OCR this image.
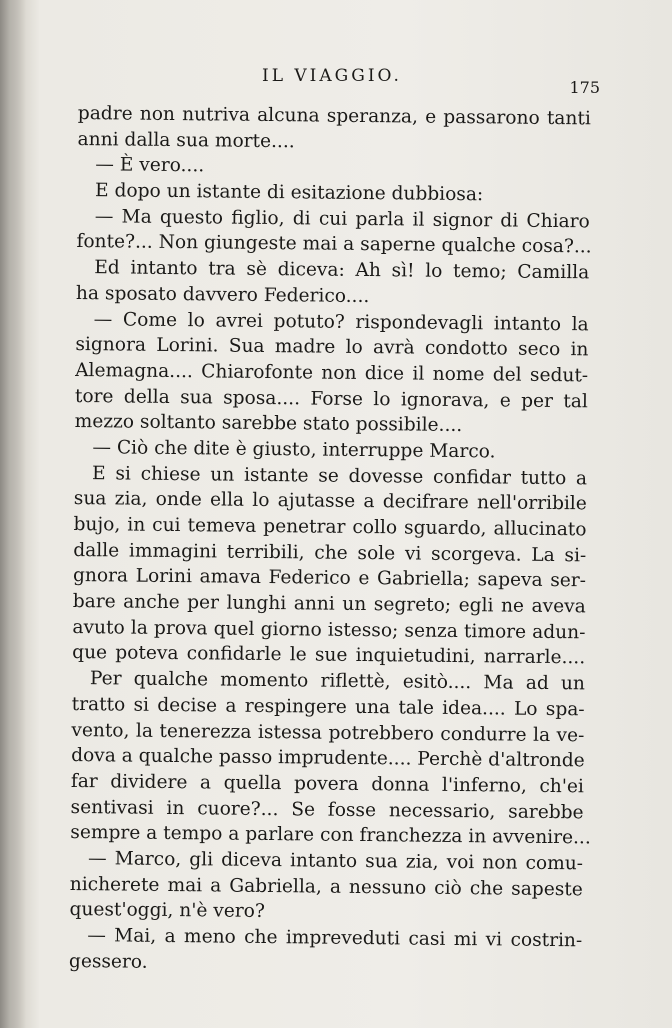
IL VIAGGIO.
175
padre non nutriva alcuna speranza, e passarono tanti
anni dalla sua morte....
— È vero....
E dopo un istante di esitazione dubbiosa:
— Ma questo figlio, di cui parla il signor di Chiaro
fonte?... Non giungeste mai a saperne qualche cosa?...
Ed intanto tra sè diceva: Ah sì! lo temo; Camilla
ha sposato davvero Federico....
— Come lo avrei potuto? rispondevagli intanto la
signora Lorini. Sua madre lo avrà condotto seco in
Alemagna.... Chiarofonte non dice il nome del sedut-
tore della sua sposa.... Forse lo ignorava, e per tal
mezzo soltanto sarebbe stato possibile....
— Ciò che dite è giusto, interruppe Marco.
E si chiese un istante se dovesse confidar tutto a
sua zia, onde ella lo ajutasse a decifrare nell'orribile
bujo, in cui temeva penetrar collo sguardo, allucinato
dalle immagini terribili, che sole vi scorgeva. La si-
gnora Lorini amava Federico e Gabriella; sapeva ser-
bare anche per lunghi anni un segreto; egli ne aveva
avuto la prova quel giorno istesso; senza timore adun-
que poteva confidarle le sue inquietudini, narrarle....
Per qualche momento riflettè, esitò.... Ma ad un
tratto si decise a respingere una tale idea.... Lo spa-
vento, la tenerezza istessa potrebbero condurre la ve-
dova a qualche passo imprudente.... Perchè d'altronde
far dividere a quella povera donna l'inferno, ch'ei
sentivasi in cuore?... Se fosse necessario, sarebbe
sempre a tempo a parlare con franchezza in avvenire...
— Marco, gli diceva intanto sua zia, voi non comu-
nicherete mai a Gabriella, a nessuno ciò che sapeste
quest'oggi, n'è vero?
— Mai, a meno che impreveduti casi mi vi costrin-
gessero.
